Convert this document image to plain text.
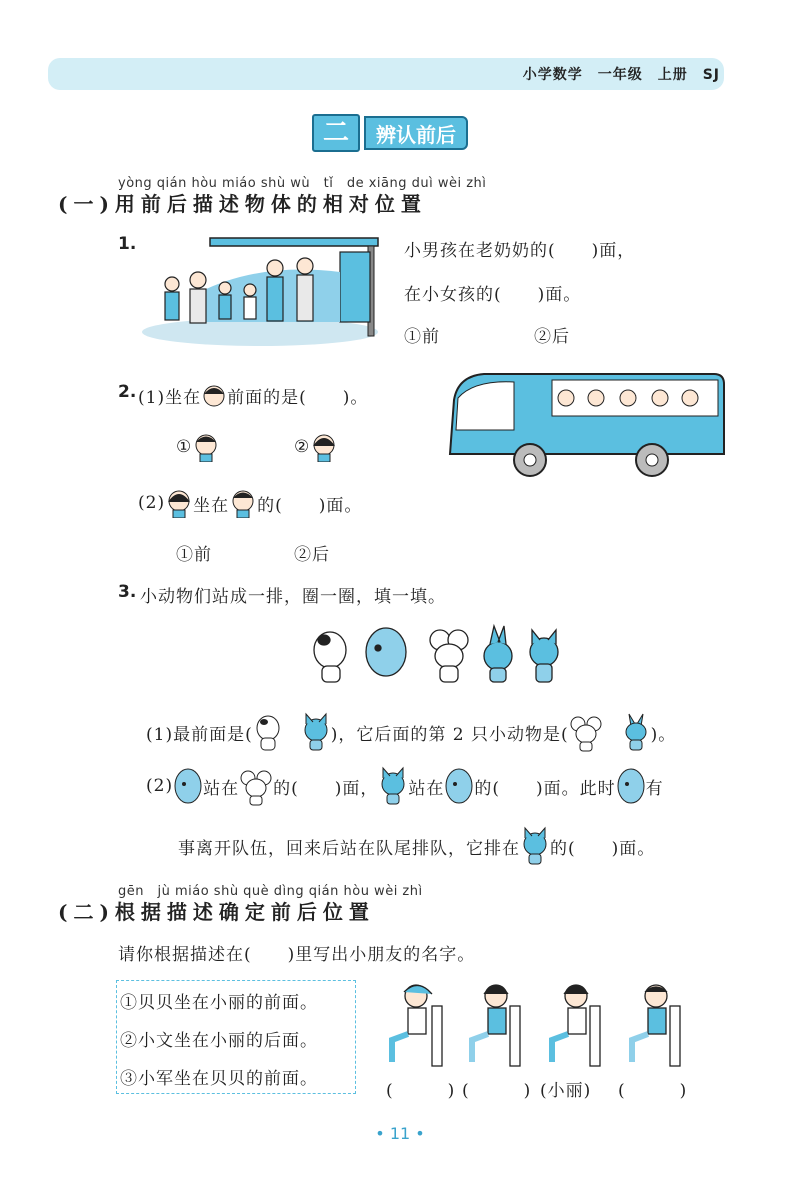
小学数学　一年级　上册　SJ
二	辨认前后
yòng qián hòu miáo shù wù　tǐ　de xiāng duì wèi zhì
(一)用前后描述物体的相对位置
1.	小男孩在老奶奶的(　　)面，
在小女孩的(　　)面。
①前	②后
2. (1)坐在 前面的是(　　)。
①	②
(2) 坐在 的(　　)面。
①前	②后
3. 小动物们站成一排，圈一圈，填一填。
(1)最前面是(	)，它后面的第 2 只小动物是(	)。
(2) 站在 的(　　)面， 站在 的(　　)面。此时 有
事离开队伍，回来后站在队尾排队，它排在 的(　　)面。
gēn　jù miáo shù què dìng qián hòu wèi zhì
(二)根据描述确定前后位置
请你根据描述在(　　)里写出小朋友的名字。
①贝贝坐在小丽的前面。
②小文坐在小丽的后面。
③小军坐在贝贝的前面。
(　　　) (　　　) (小丽) (　　　)
• 11 •
